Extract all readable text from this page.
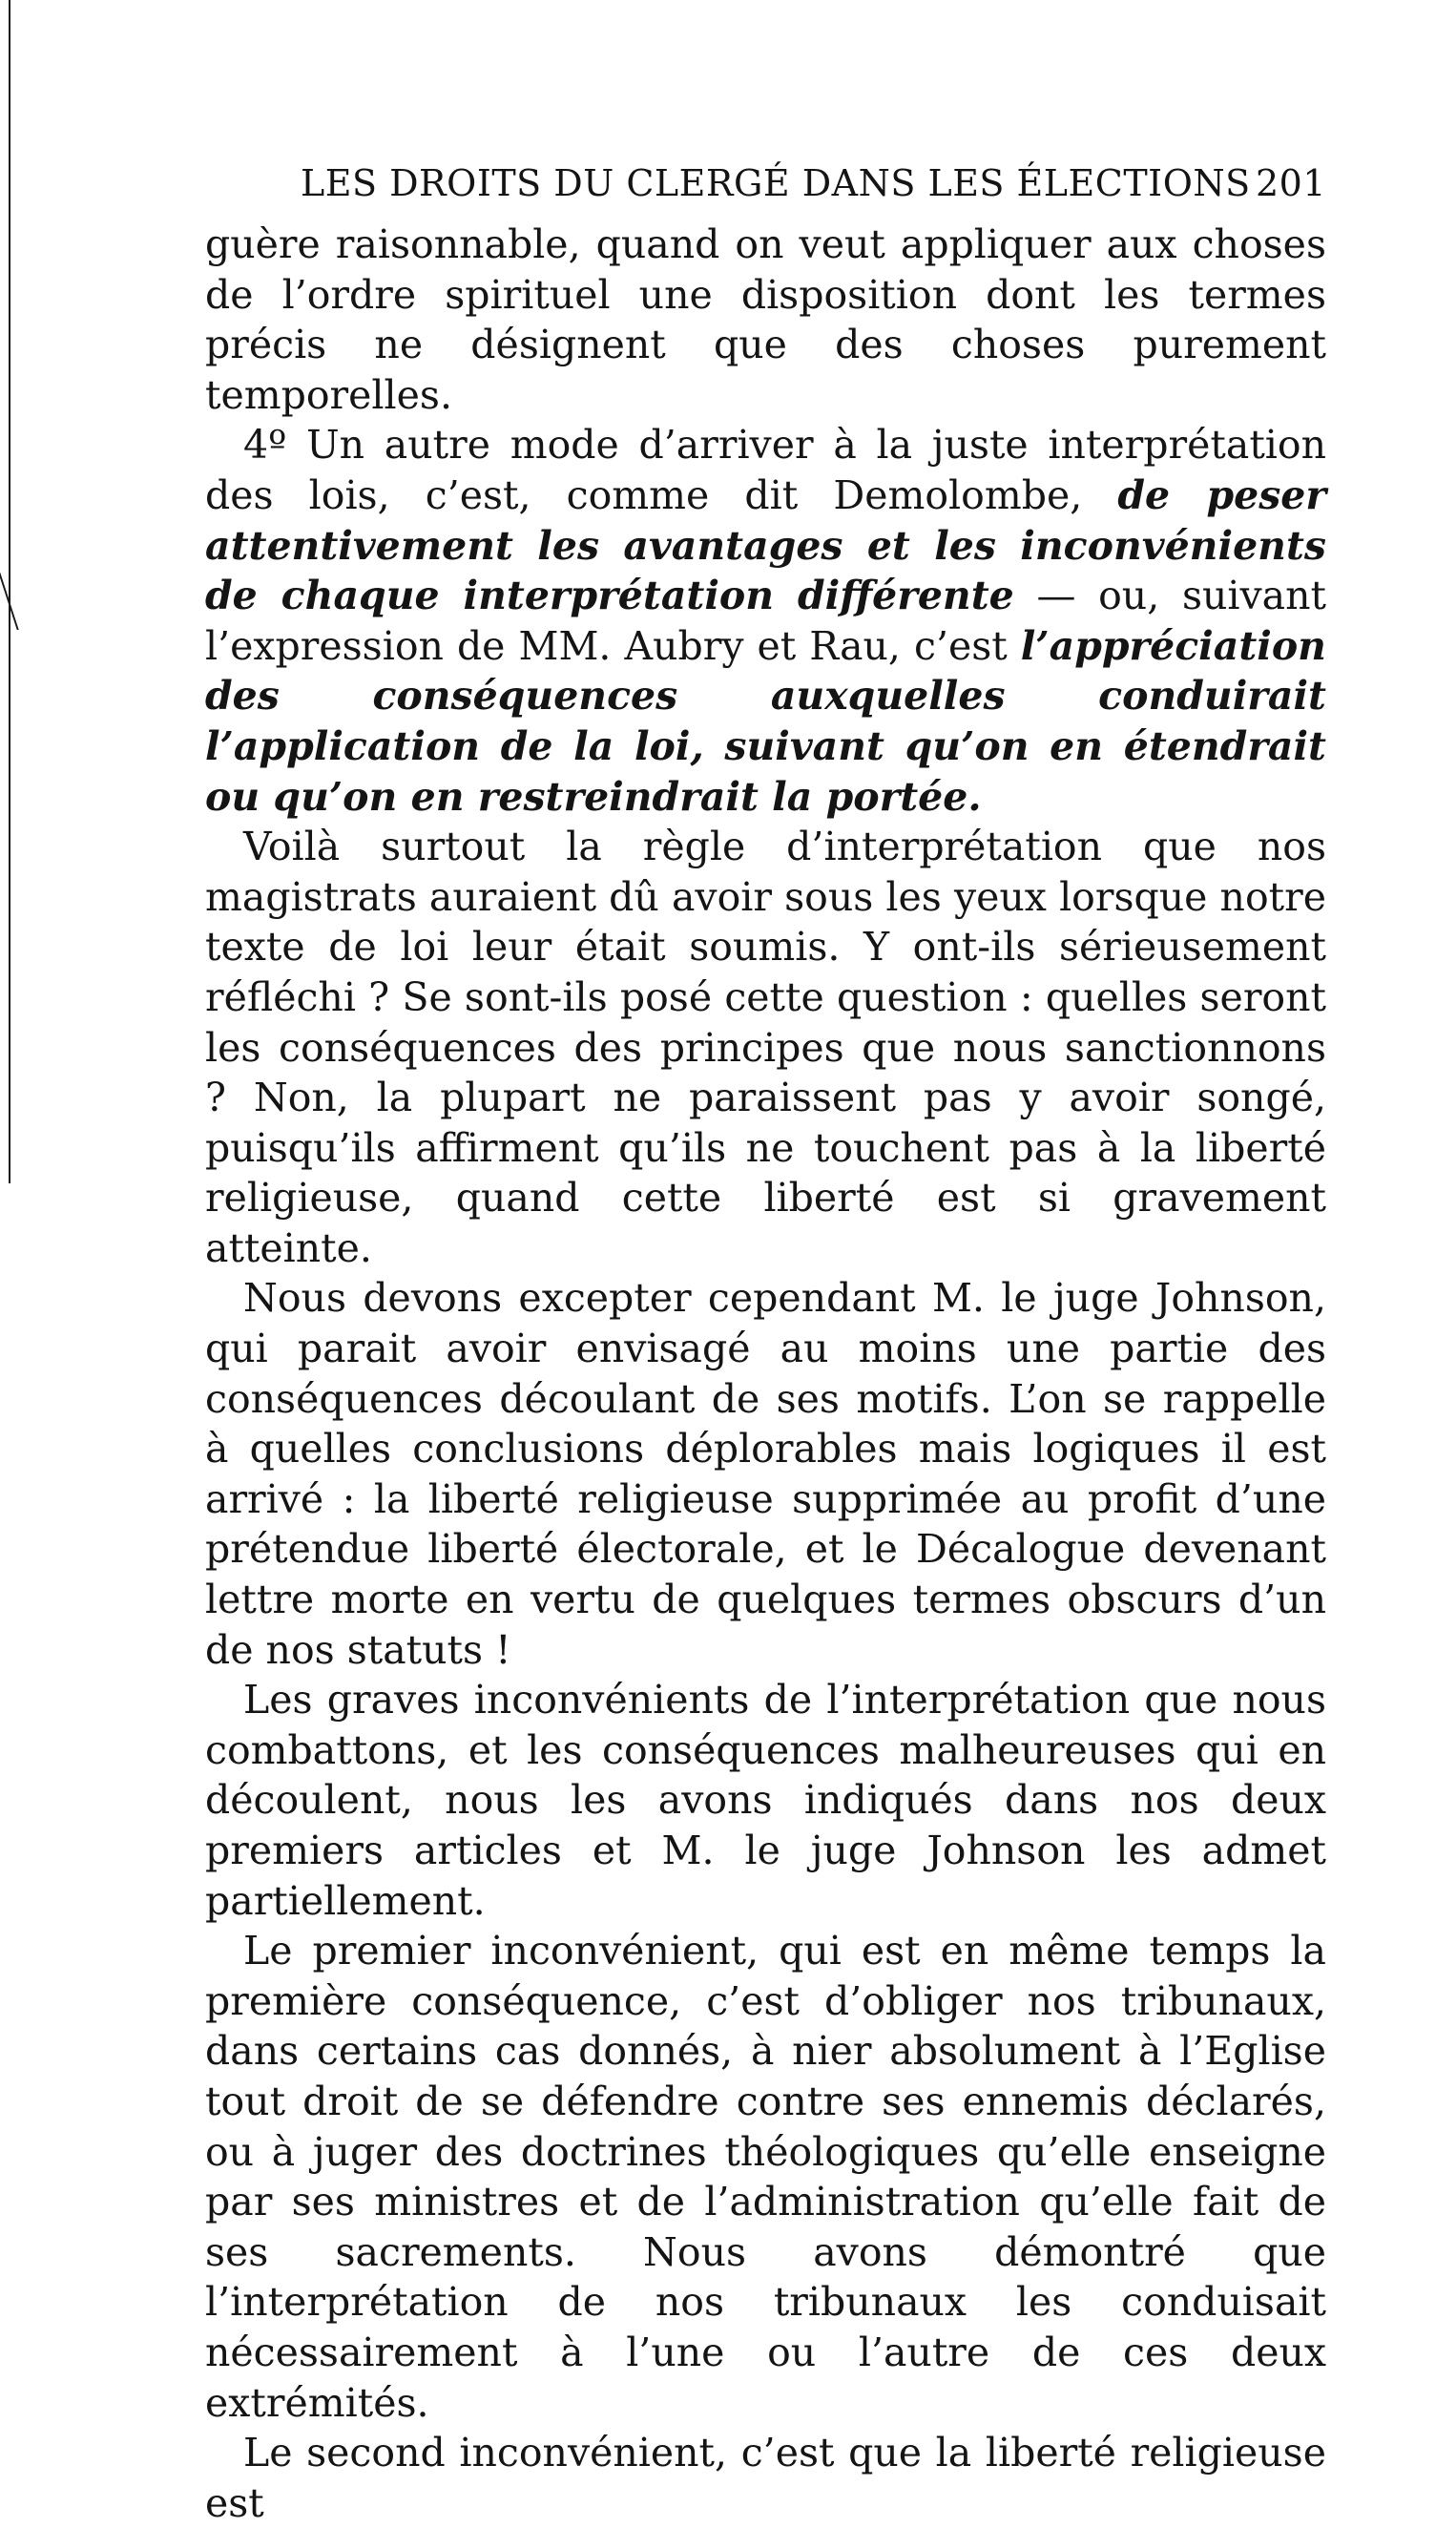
LES DROITS DU CLERGÉ DANS LES ÉLECTIONS 201

guère raisonnable, quand on veut appliquer aux choses de l’ordre spirituel une disposition dont les termes précis ne désignent que des choses purement temporelles.

4º Un autre mode d’arriver à la juste interprétation des lois, c’est, comme dit Demolombe, de peser attentivement les avantages et les inconvénients de chaque interprétation différente — ou, suivant l’expression de MM. Aubry et Rau, c’est l’appréciation des conséquences auxquelles conduirait l’application de la loi, suivant qu’on en étendrait ou qu’on en restreindrait la portée.

Voilà surtout la règle d’interprétation que nos magistrats auraient dû avoir sous les yeux lorsque notre texte de loi leur était soumis. Y ont-ils sérieusement réfléchi ? Se sont-ils posé cette question : quelles seront les conséquences des principes que nous sanctionnons ? Non, la plupart ne paraissent pas y avoir songé, puisqu’ils affirment qu’ils ne touchent pas à la liberté religieuse, quand cette liberté est si gravement atteinte.

Nous devons excepter cependant M. le juge Johnson, qui parait avoir envisagé au moins une partie des conséquences découlant de ses motifs. L’on se rappelle à quelles conclusions déplorables mais logiques il est arrivé : la liberté religieuse supprimée au profit d’une prétendue liberté électorale, et le Décalogue devenant lettre morte en vertu de quelques termes obscurs d’un de nos statuts !

Les graves inconvénients de l’interprétation que nous combattons, et les conséquences malheureuses qui en découlent, nous les avons indiqués dans nos deux premiers articles et M. le juge Johnson les admet partiellement.

Le premier inconvénient, qui est en même temps la première conséquence, c’est d’obliger nos tribunaux, dans certains cas donnés, à nier absolument à l’Eglise tout droit de se défendre contre ses ennemis déclarés, ou à juger des doctrines théologiques qu’elle enseigne par ses ministres et de l’administration qu’elle fait de ses sacrements. Nous avons démontré que l’interprétation de nos tribunaux les conduisait nécessairement à l’une ou l’autre de ces deux extrémités.

Le second inconvénient, c’est que la liberté religieuse est
